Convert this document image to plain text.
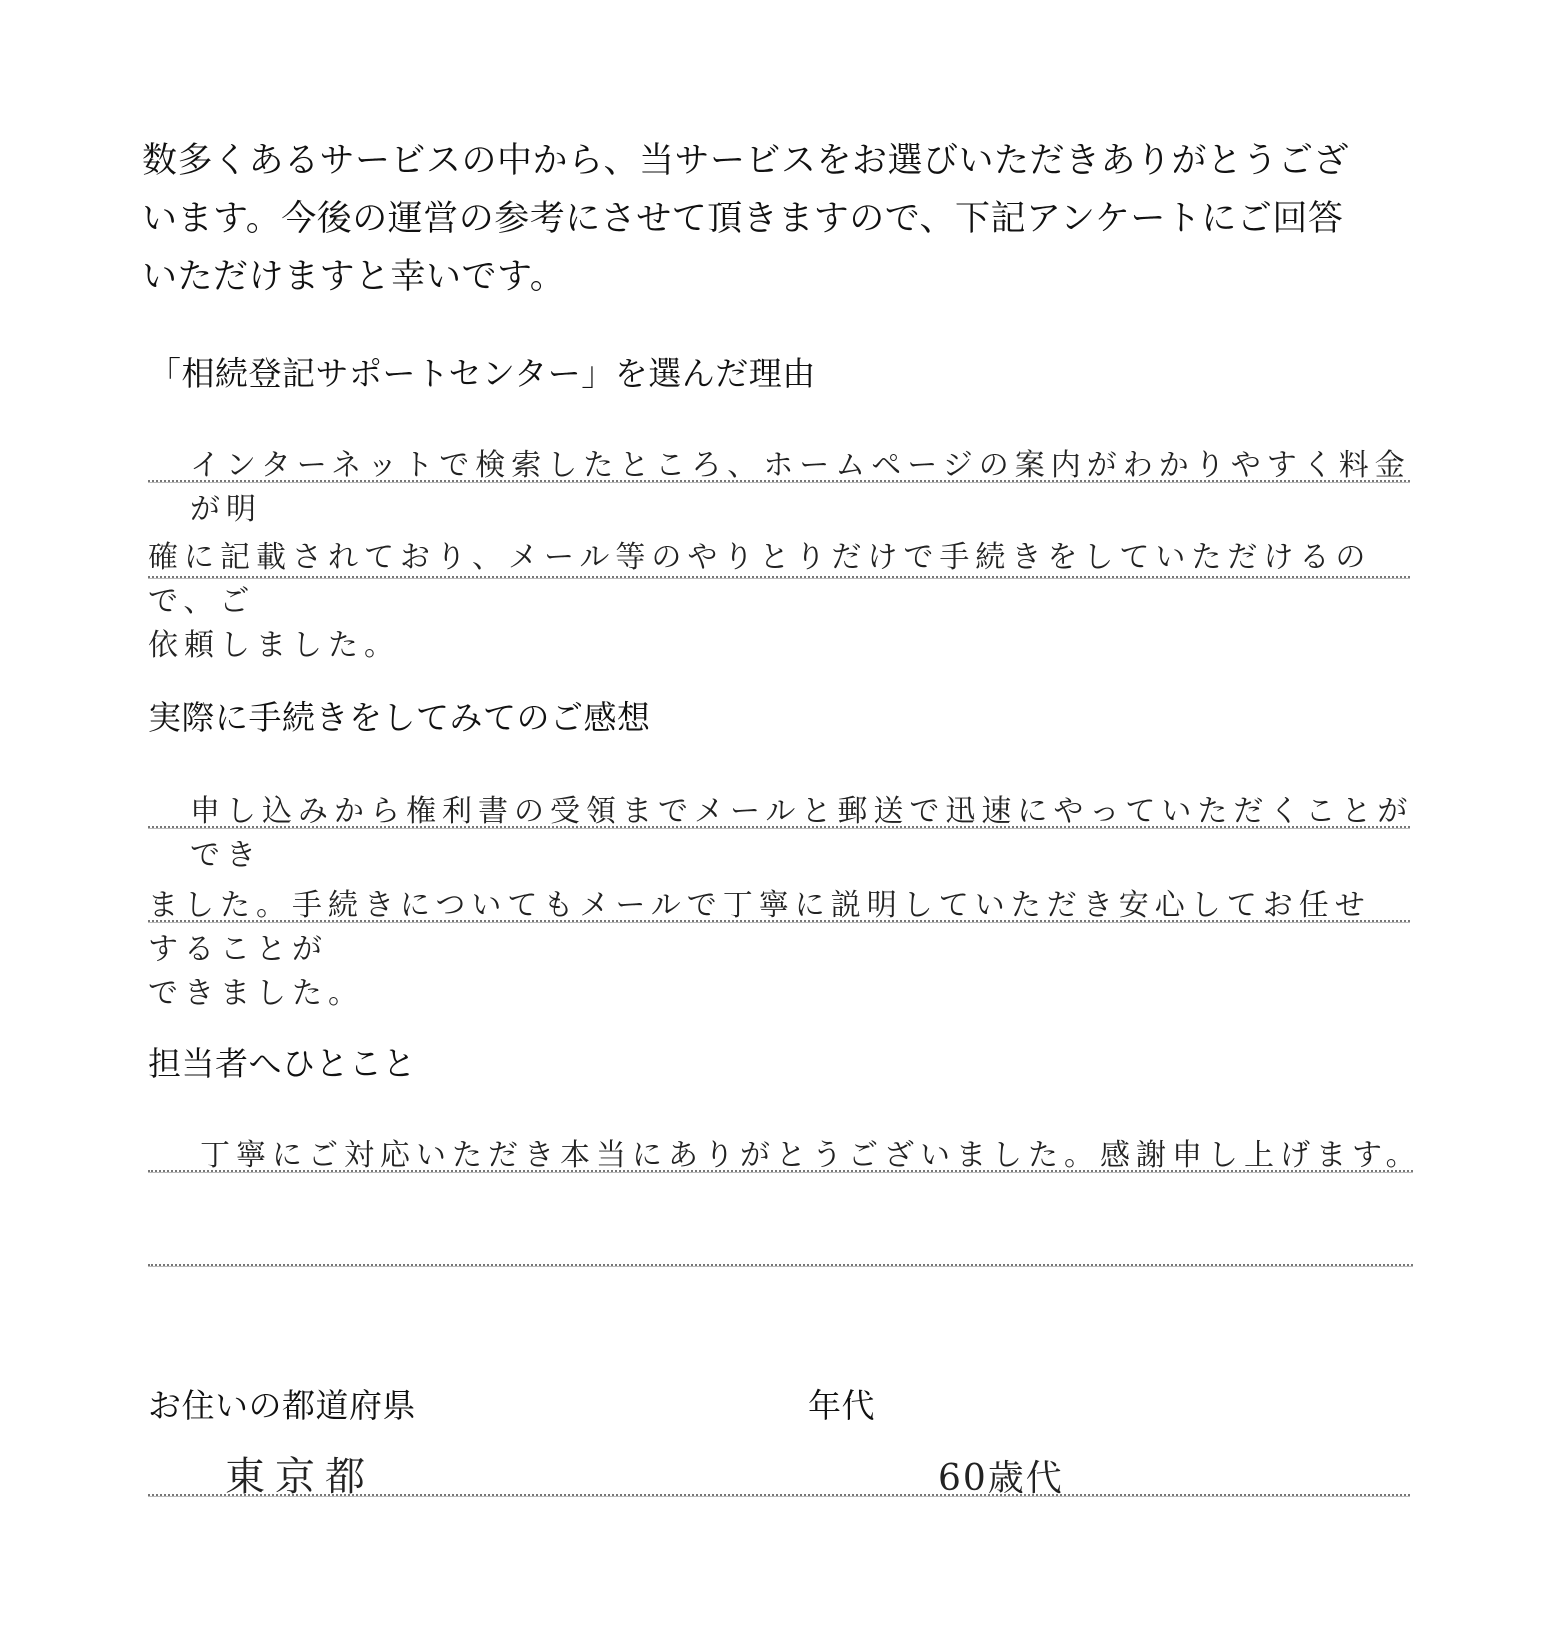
数多くあるサービスの中から、当サービスをお選びいただきありがとうござ
います。今後の運営の参考にさせて頂きますので、下記アンケートにご回答
いただけますと幸いです。
「相続登記サポートセンター」を選んだ理由
インターネットで検索したところ、ホームページの案内がわかりやすく料金が明
確に記載されており、メール等のやりとりだけで手続きをしていただけるので、ご
依頼しました。
実際に手続きをしてみてのご感想
申し込みから権利書の受領までメールと郵送で迅速にやっていただくことができ
ました。手続きについてもメールで丁寧に説明していただき安心してお任せすることが
できました。
担当者へひとこと
丁寧にご対応いただき本当にありがとうございました。感謝申し上げます。
お住いの都道府県	年代
東京都	60歳代
